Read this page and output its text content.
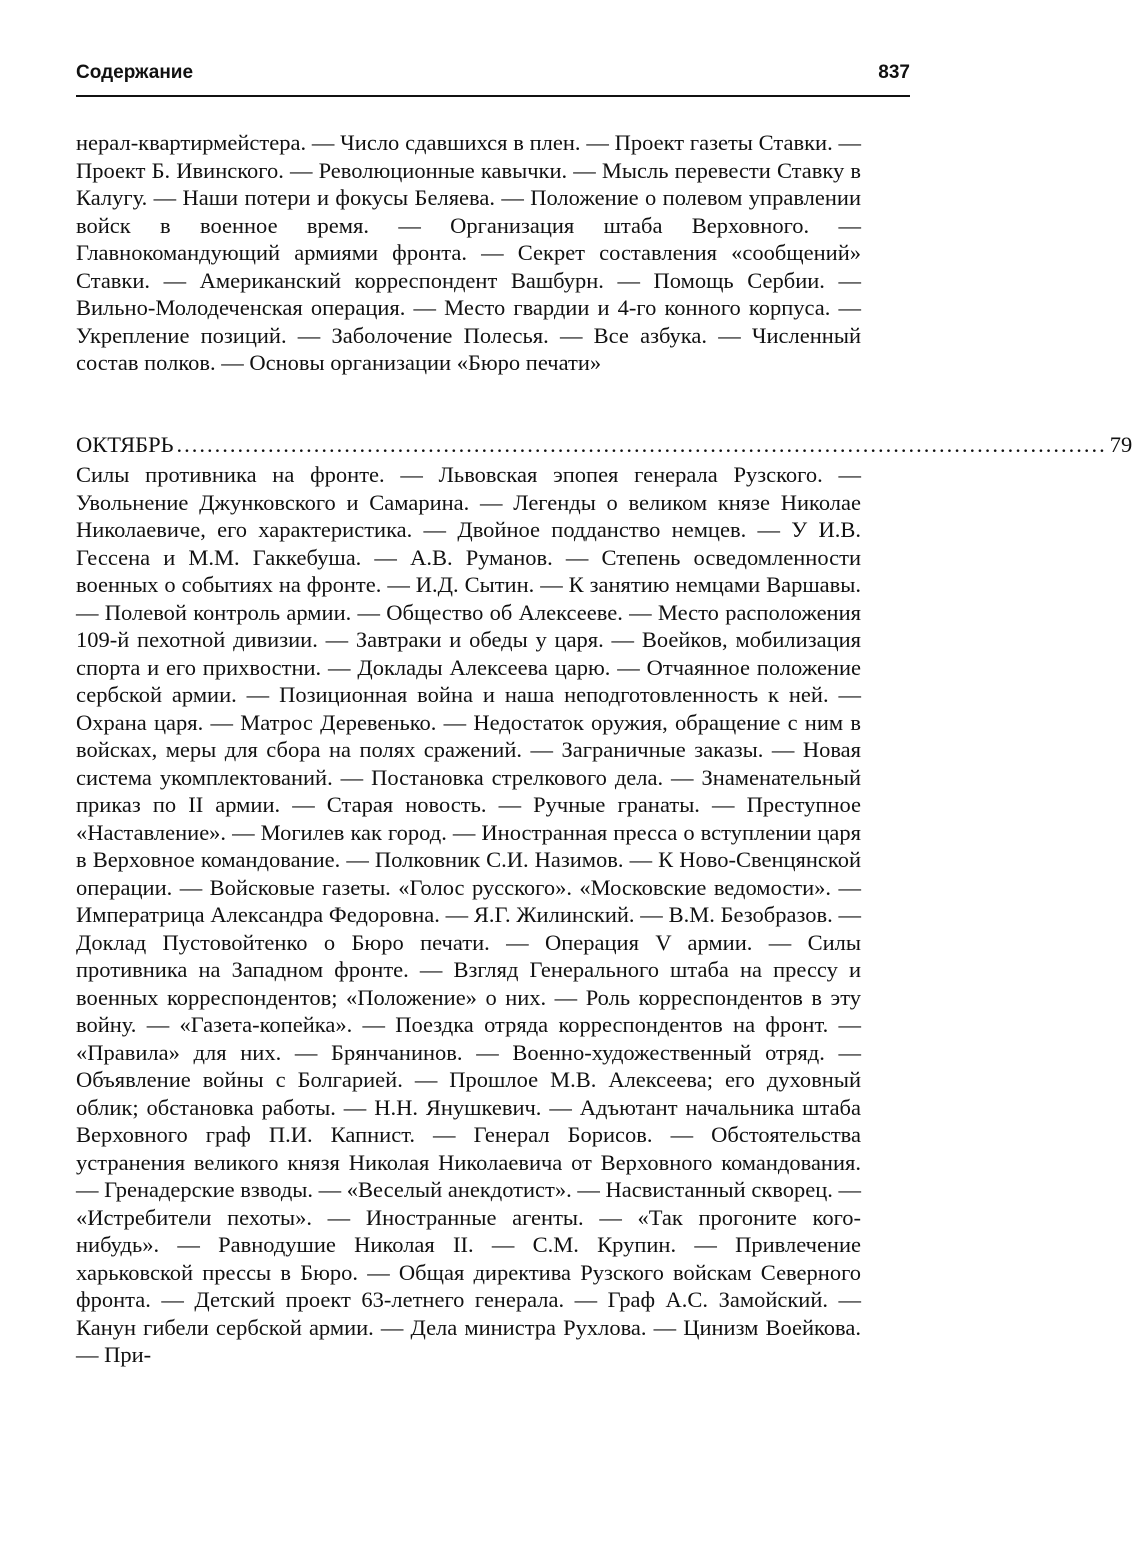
Содержание	837
нерал-квартирмейстера. — Число сдавшихся в плен. — Проект газеты Ставки. — Проект Б. Ивинского. — Революционные кавычки. — Мысль перевести Ставку в Калугу. — Наши потери и фокусы Беляева. — Положение о полевом управлении войск в военное время. — Организация штаба Верховного. — Главнокомандующий армиями фронта. — Секрет составления «сообщений» Ставки. — Американский корреспондент Вашбурн. — Помощь Сербии. — Вильно-Молодеченская операция. — Место гвардии и 4-го конного корпуса. — Укрепление позиций. — Заболочение Полесья. — Все азбука. — Численный состав полков. — Основы организации «Бюро печати»
ОКТЯБРЬ .......................................................................................................................... 79
Силы противника на фронте. — Львовская эпопея генерала Рузского. — Увольнение Джунковского и Самарина. — Легенды о великом князе Николае Николаевиче, его характеристика. — Двойное подданство немцев. — У И.В. Гессена и М.М. Гаккебуша. — А.В. Руманов. — Степень осведомленности военных о событиях на фронте. — И.Д. Сытин. — К занятию немцами Варшавы. — Полевой контроль армии. — Общество об Алексееве. — Место расположения 109-й пехотной дивизии. — Завтраки и обеды у царя. — Воейков, мобилизация спорта и его прихвостни. — Доклады Алексеева царю. — Отчаянное положение сербской армии. — Позиционная война и наша неподготовленность к ней. — Охрана царя. — Матрос Деревенько. — Недостаток оружия, обращение с ним в войсках, меры для сбора на полях сражений. — Заграничные заказы. — Новая система укомплектований. — Постановка стрелкового дела. — Знаменательный приказ по II армии. — Старая новость. — Ручные гранаты. — Преступное «Наставление». — Могилев как город. — Иностранная пресса о вступлении царя в Верховное командование. — Полковник С.И. Назимов. — К Ново-Свенцянской операции. — Войсковые газеты. «Голос русского». «Московские ведомости». — Императрица Александра Федоровна. — Я.Г. Жилинский. — В.М. Безобразов. — Доклад Пустовойтенко о Бюро печати. — Операция V армии. — Силы противника на Западном фронте. — Взгляд Генерального штаба на прессу и военных корреспондентов; «Положение» о них. — Роль корреспондентов в эту войну. — «Газета-копейка». — Поездка отряда корреспондентов на фронт. — «Правила» для них. — Брянчанинов. — Военно-художественный отряд. — Объявление войны с Болгарией. — Прошлое М.В. Алексеева; его духовный облик; обстановка работы. — Н.Н. Янушкевич. — Адъютант начальника штаба Верховного граф П.И. Капнист. — Генерал Борисов. — Обстоятельства устранения великого князя Николая Николаевича от Верховного командования. — Гренадерские взводы. — «Веселый анекдотист». — Насвистанный скворец. — «Истребители пехоты». — Иностранные агенты. — «Так прогоните кого-нибудь». — Равнодушие Николая II. — С.М. Крупин. — Привлечение харьковской прессы в Бюро. — Общая директива Рузского войскам Северного фронта. — Детский проект 63-летнего генерала. — Граф А.С. Замойский. — Канун гибели сербской армии. — Дела министра Рухлова. — Цинизм Воейкова. — При-
